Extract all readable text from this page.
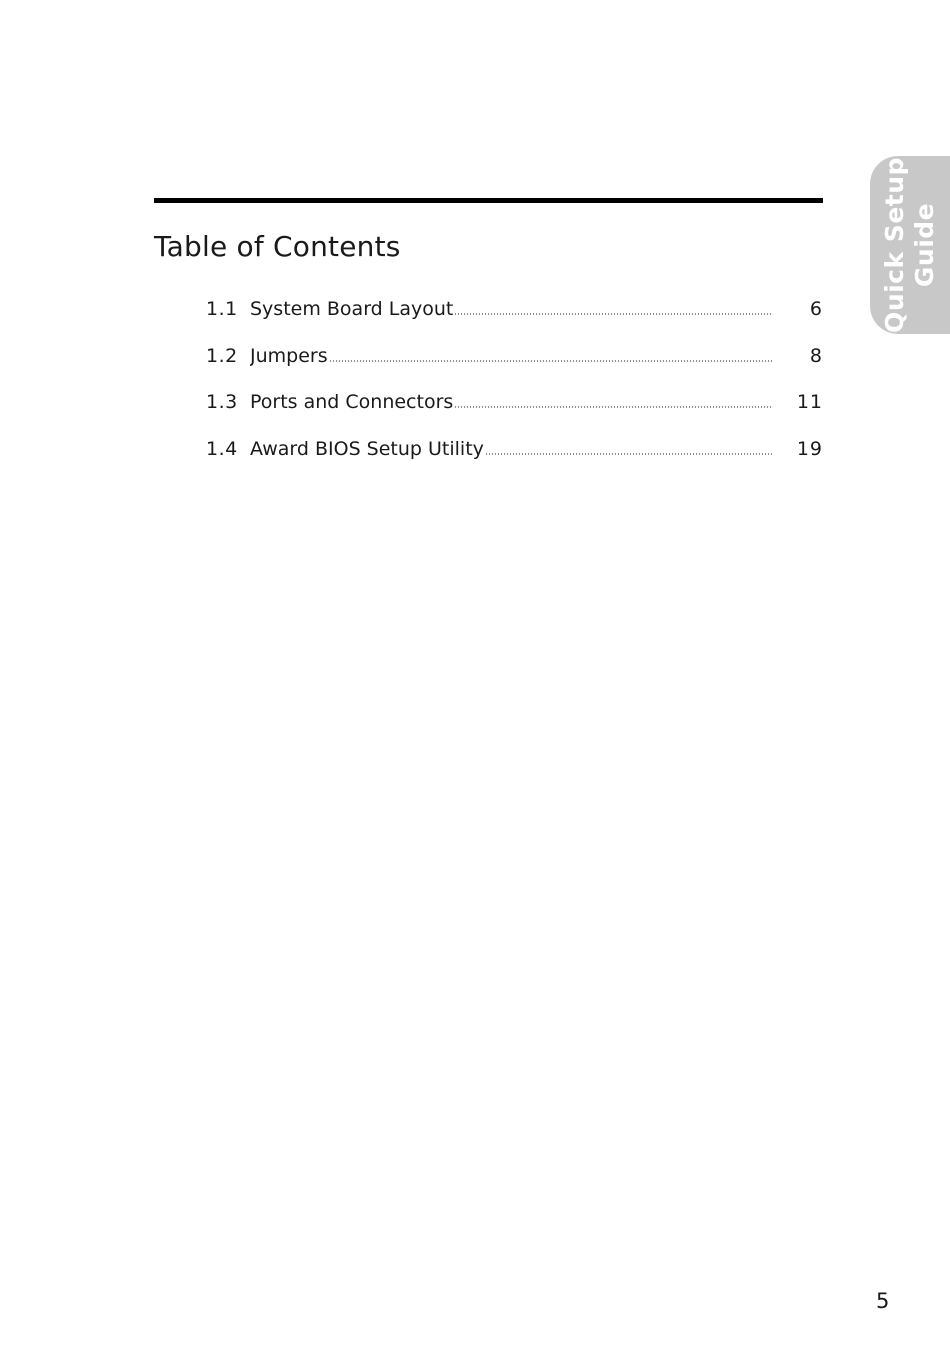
Table of Contents
1.1 System Board Layout	6
1.2 Jumpers	8
1.3 Ports and Connectors	11
1.4 Award BIOS Setup Utility	19
Quick Setup Guide
5
